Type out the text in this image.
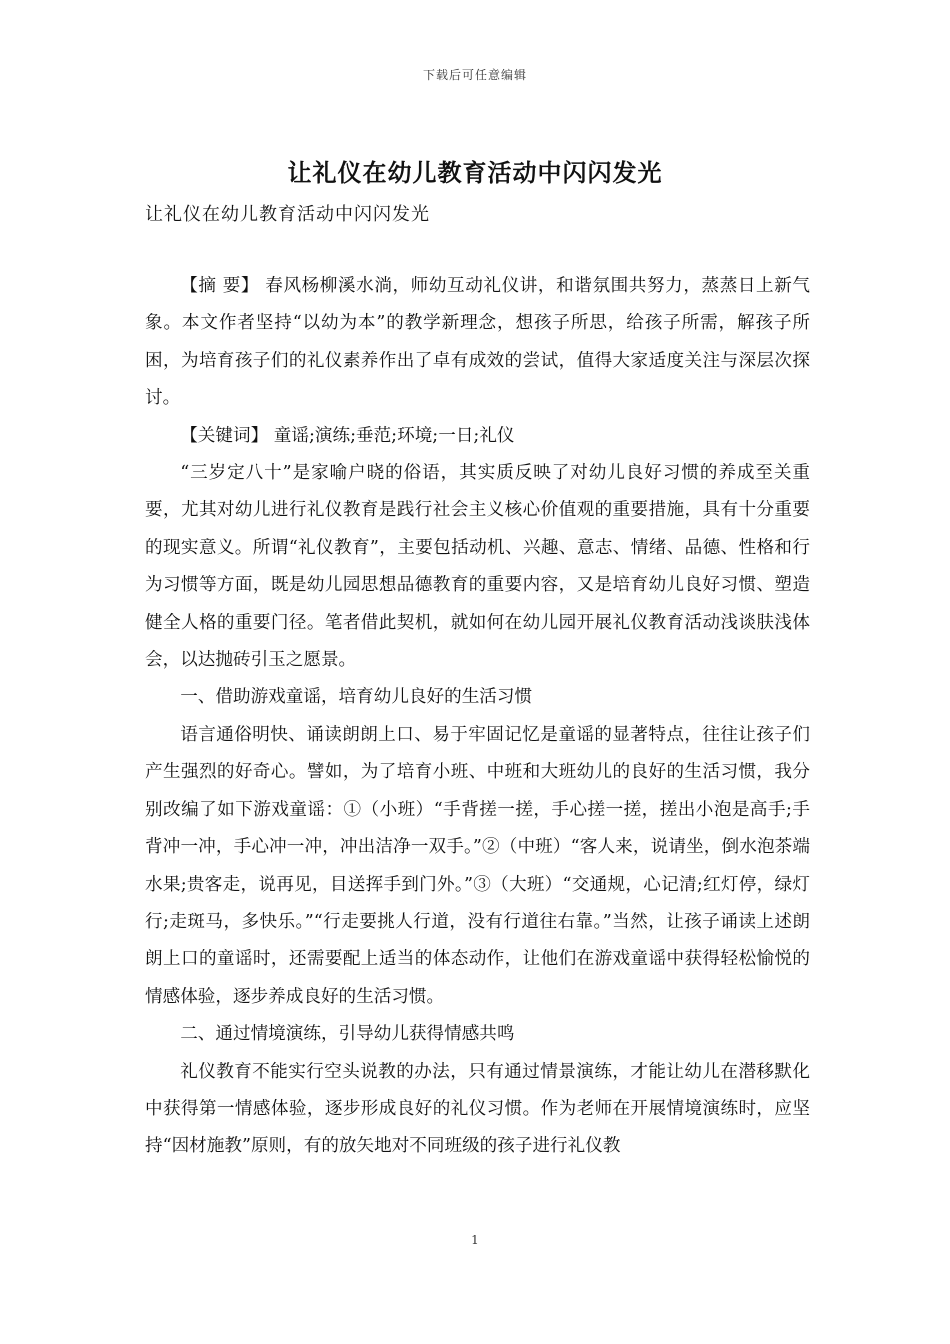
下载后可任意编辑
让礼仪在幼儿教育活动中闪闪发光
让礼仪在幼儿教育活动中闪闪发光

【摘 要】 春风杨柳溪水淌，师幼互动礼仪讲，和谐氛围共努力，蒸蒸日上新气象。本文作者坚持“以幼为本”的教学新理念，想孩子所思，给孩子所需，解孩子所困，为培育孩子们的礼仪素养作出了卓有成效的尝试，值得大家适度关注与深层次探讨。

【关键词】 童谣;演练;垂范;环境;一日;礼仪

“三岁定八十”是家喻户晓的俗语，其实质反映了对幼儿良好习惯的养成至关重要，尤其对幼儿进行礼仪教育是践行社会主义核心价值观的重要措施，具有十分重要的现实意义。所谓“礼仪教育”，主要包括动机、兴趣、意志、情绪、品德、性格和行为习惯等方面，既是幼儿园思想品德教育的重要内容，又是培育幼儿良好习惯、塑造健全人格的重要门径。笔者借此契机，就如何在幼儿园开展礼仪教育活动浅谈肤浅体会，以达抛砖引玉之愿景。

一、借助游戏童谣，培育幼儿良好的生活习惯

语言通俗明快、诵读朗朗上口、易于牢固记忆是童谣的显著特点，往往让孩子们产生强烈的好奇心。譬如，为了培育小班、中班和大班幼儿的良好的生活习惯，我分别改编了如下游戏童谣：①（小班）“手背搓一搓，手心搓一搓，搓出小泡是高手;手背冲一冲，手心冲一冲，冲出洁净一双手。”②（中班）“客人来，说请坐，倒水泡茶端水果;贵客走，说再见，目送挥手到门外。”③（大班）“交通规，心记清;红灯停，绿灯行;走斑马，多快乐。”“行走要挑人行道，没有行道往右靠。”当然，让孩子诵读上述朗朗上口的童谣时，还需要配上适当的体态动作，让他们在游戏童谣中获得轻松愉悦的情感体验，逐步养成良好的生活习惯。

二、通过情境演练，引导幼儿获得情感共鸣

礼仪教育不能实行空头说教的办法，只有通过情景演练，才能让幼儿在潜移默化中获得第一情感体验，逐步形成良好的礼仪习惯。作为老师在开展情境演练时，应坚持“因材施教”原则，有的放矢地对不同班级的孩子进行礼仪教

1
